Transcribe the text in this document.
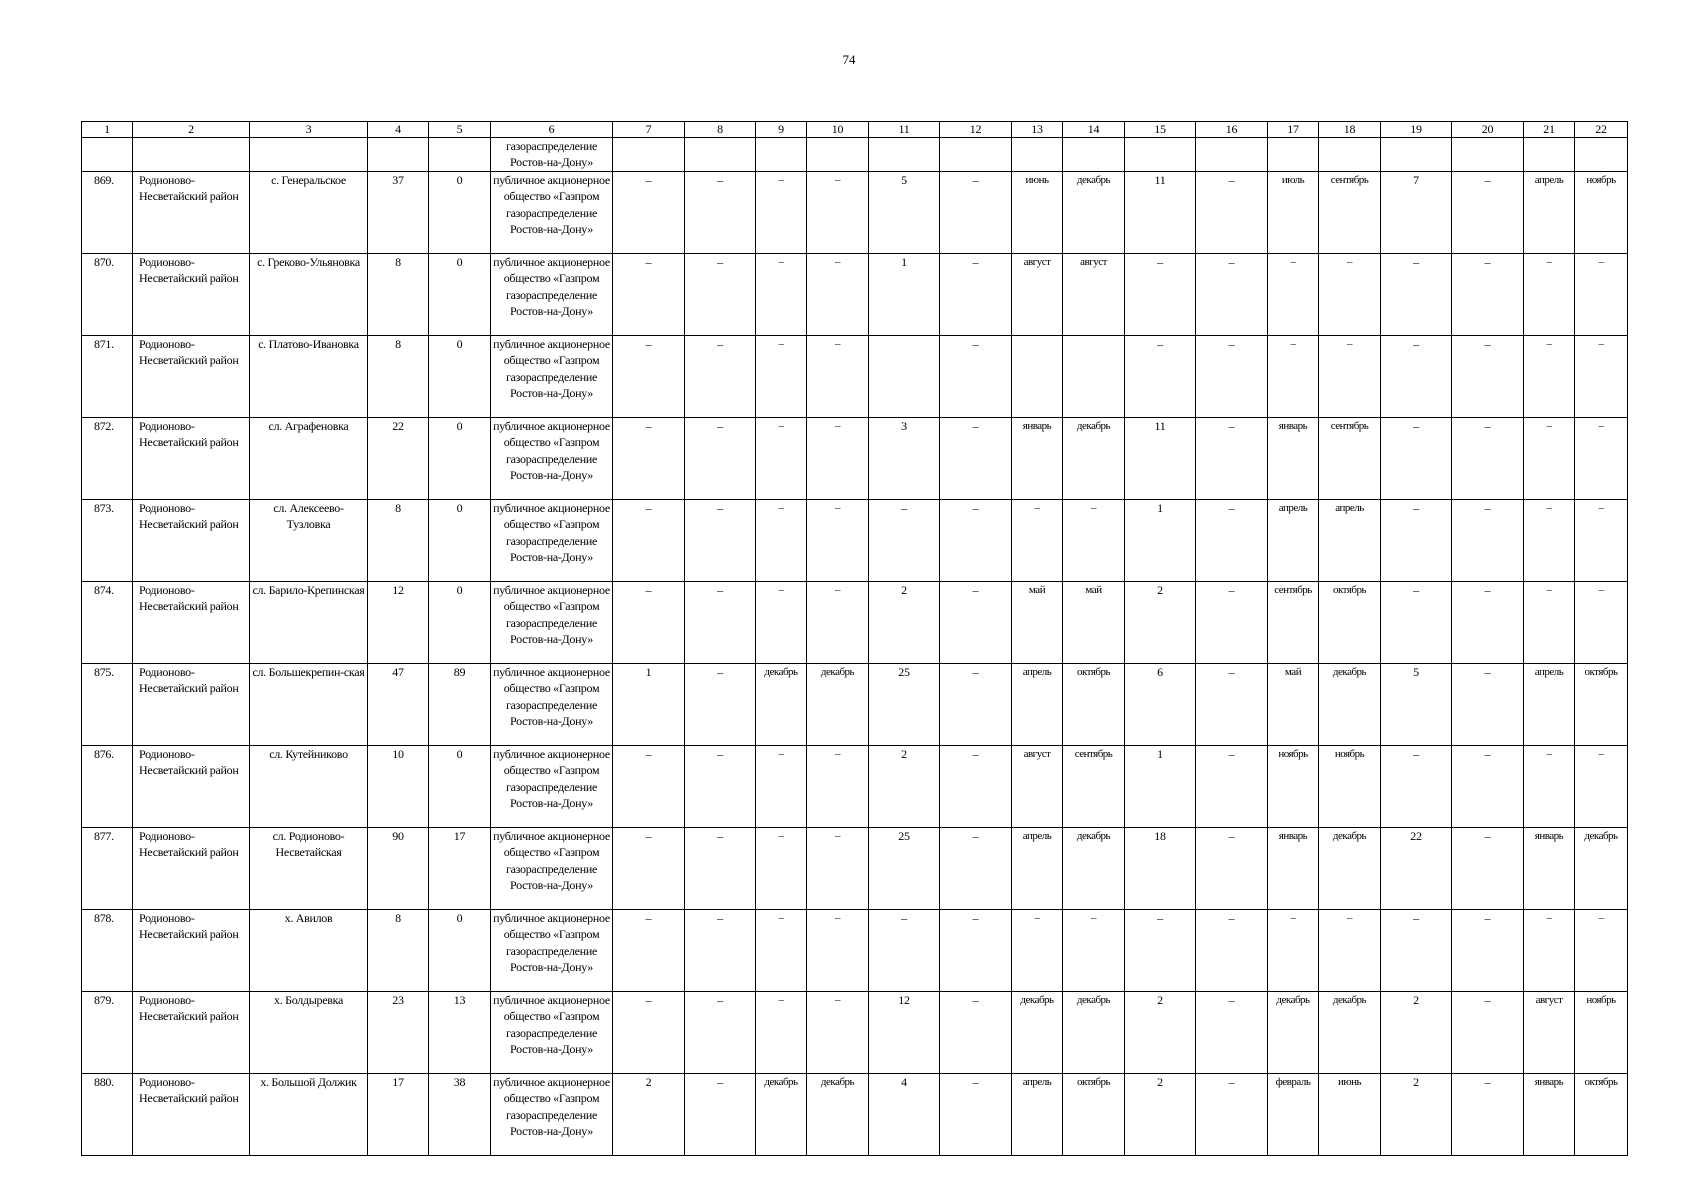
74
1	2	3	4	5	6	7	8	9	10	11	12	13	14	15	16	17	18	19	20	21	22
					газораспределение Ростов-на-Дону»																
869.	Родионово-Несветайский район	с. Генеральское	37	0	публичное акционерное общество «Газпром газораспределение Ростов-на-Дону»	–	–	–	–	5	–	июнь	декабрь	11	–	июль	сентябрь	7	–	апрель	ноябрь
870.	Родионово-Несветайский район	с. Греково-Ульяновка	8	0	публичное акционерное общество «Газпром газораспределение Ростов-на-Дону»	–	–	–	–	1	–	август	август	–	–	–	–	–	–	–	–
871.	Родионово-Несветайский район	с. Платово-Ивановка	8	0	публичное акционерное общество «Газпром газораспределение Ростов-на-Дону»	–	–	–	–		–			–	–	–	–	–	–	–	–
872.	Родионово-Несветайский район	сл. Аграфеновка	22	0	публичное акционерное общество «Газпром газораспределение Ростов-на-Дону»	–	–	–	–	3	–	январь	декабрь	11	–	январь	сентябрь	–	–	–	–
873.	Родионово-Несветайский район	сл. Алексеево-Тузловка	8	0	публичное акционерное общество «Газпром газораспределение Ростов-на-Дону»	–	–	–	–	–	–	–	–	1	–	апрель	апрель	–	–	–	–
874.	Родионово-Несветайский район	сл. Барило-Крепинская	12	0	публичное акционерное общество «Газпром газораспределение Ростов-на-Дону»	–	–	–	–	2	–	май	май	2	–	сентябрь	октябрь	–	–	–	–
875.	Родионово-Несветайский район	сл. Большекрепин-ская	47	89	публичное акционерное общество «Газпром газораспределение Ростов-на-Дону»	1	–	декабрь	декабрь	25	–	апрель	октябрь	6	–	май	декабрь	5	–	апрель	октябрь
876.	Родионово-Несветайский район	сл. Кутейниково	10	0	публичное акционерное общество «Газпром газораспределение Ростов-на-Дону»	–	–	–	–	2	–	август	сентябрь	1	–	ноябрь	ноябрь	–	–	–	–
877.	Родионово-Несветайский район	сл. Родионово-Несветайская	90	17	публичное акционерное общество «Газпром газораспределение Ростов-на-Дону»	–	–	–	–	25	–	апрель	декабрь	18	–	январь	декабрь	22	–	январь	декабрь
878.	Родионово-Несветайский район	х. Авилов	8	0	публичное акционерное общество «Газпром газораспределение Ростов-на-Дону»	–	–	–	–	–	–	–	–	–	–	–	–	–	–	–	–
879.	Родионово-Несветайский район	х. Болдыревка	23	13	публичное акционерное общество «Газпром газораспределение Ростов-на-Дону»	–	–	–	–	12	–	декабрь	декабрь	2	–	декабрь	декабрь	2	–	август	ноябрь
880.	Родионово-Несветайский район	х. Большой Должик	17	38	публичное акционерное общество «Газпром газораспределение Ростов-на-Дону»	2	–	декабрь	декабрь	4	–	апрель	октябрь	2	–	февраль	июнь	2	–	январь	октябрь
